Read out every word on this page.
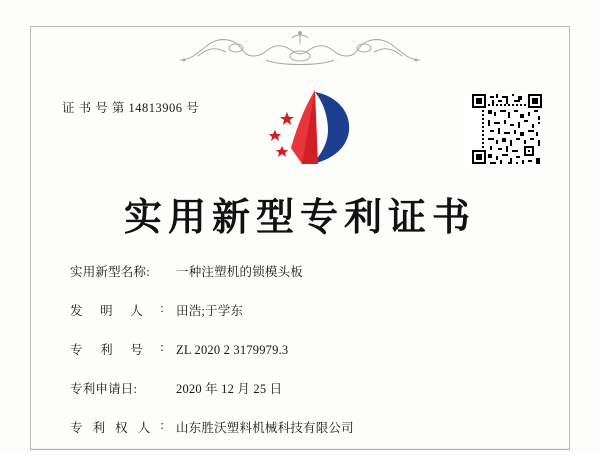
证 书 号 第 14813906 号
实用新型专利证书
实用新型名称:	一种注塑机的锁模头板
发 明 人 : 田浩;于学东
专 利 号 : ZL 2020 2 3179979.3
专利申请日:	2020 年 12 月 25 日
专 利 权 人 : 山东胜沃塑料机械科技有限公司
